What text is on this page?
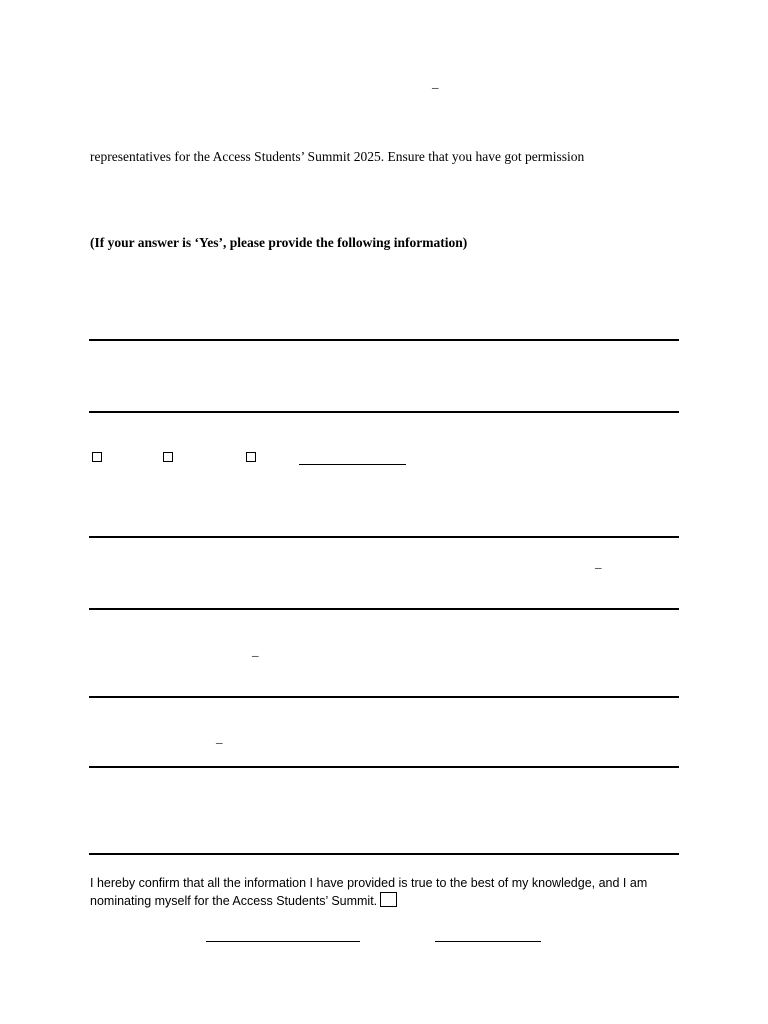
_
representatives for the Access Students’ Summit 2025. Ensure that you have got permission
(If your answer is ‘Yes’, please provide the following information)
_
_
_
I hereby confirm that all the information I have provided is true to the best of my knowledge, and I am
nominating myself for the Access Students’ Summit.
